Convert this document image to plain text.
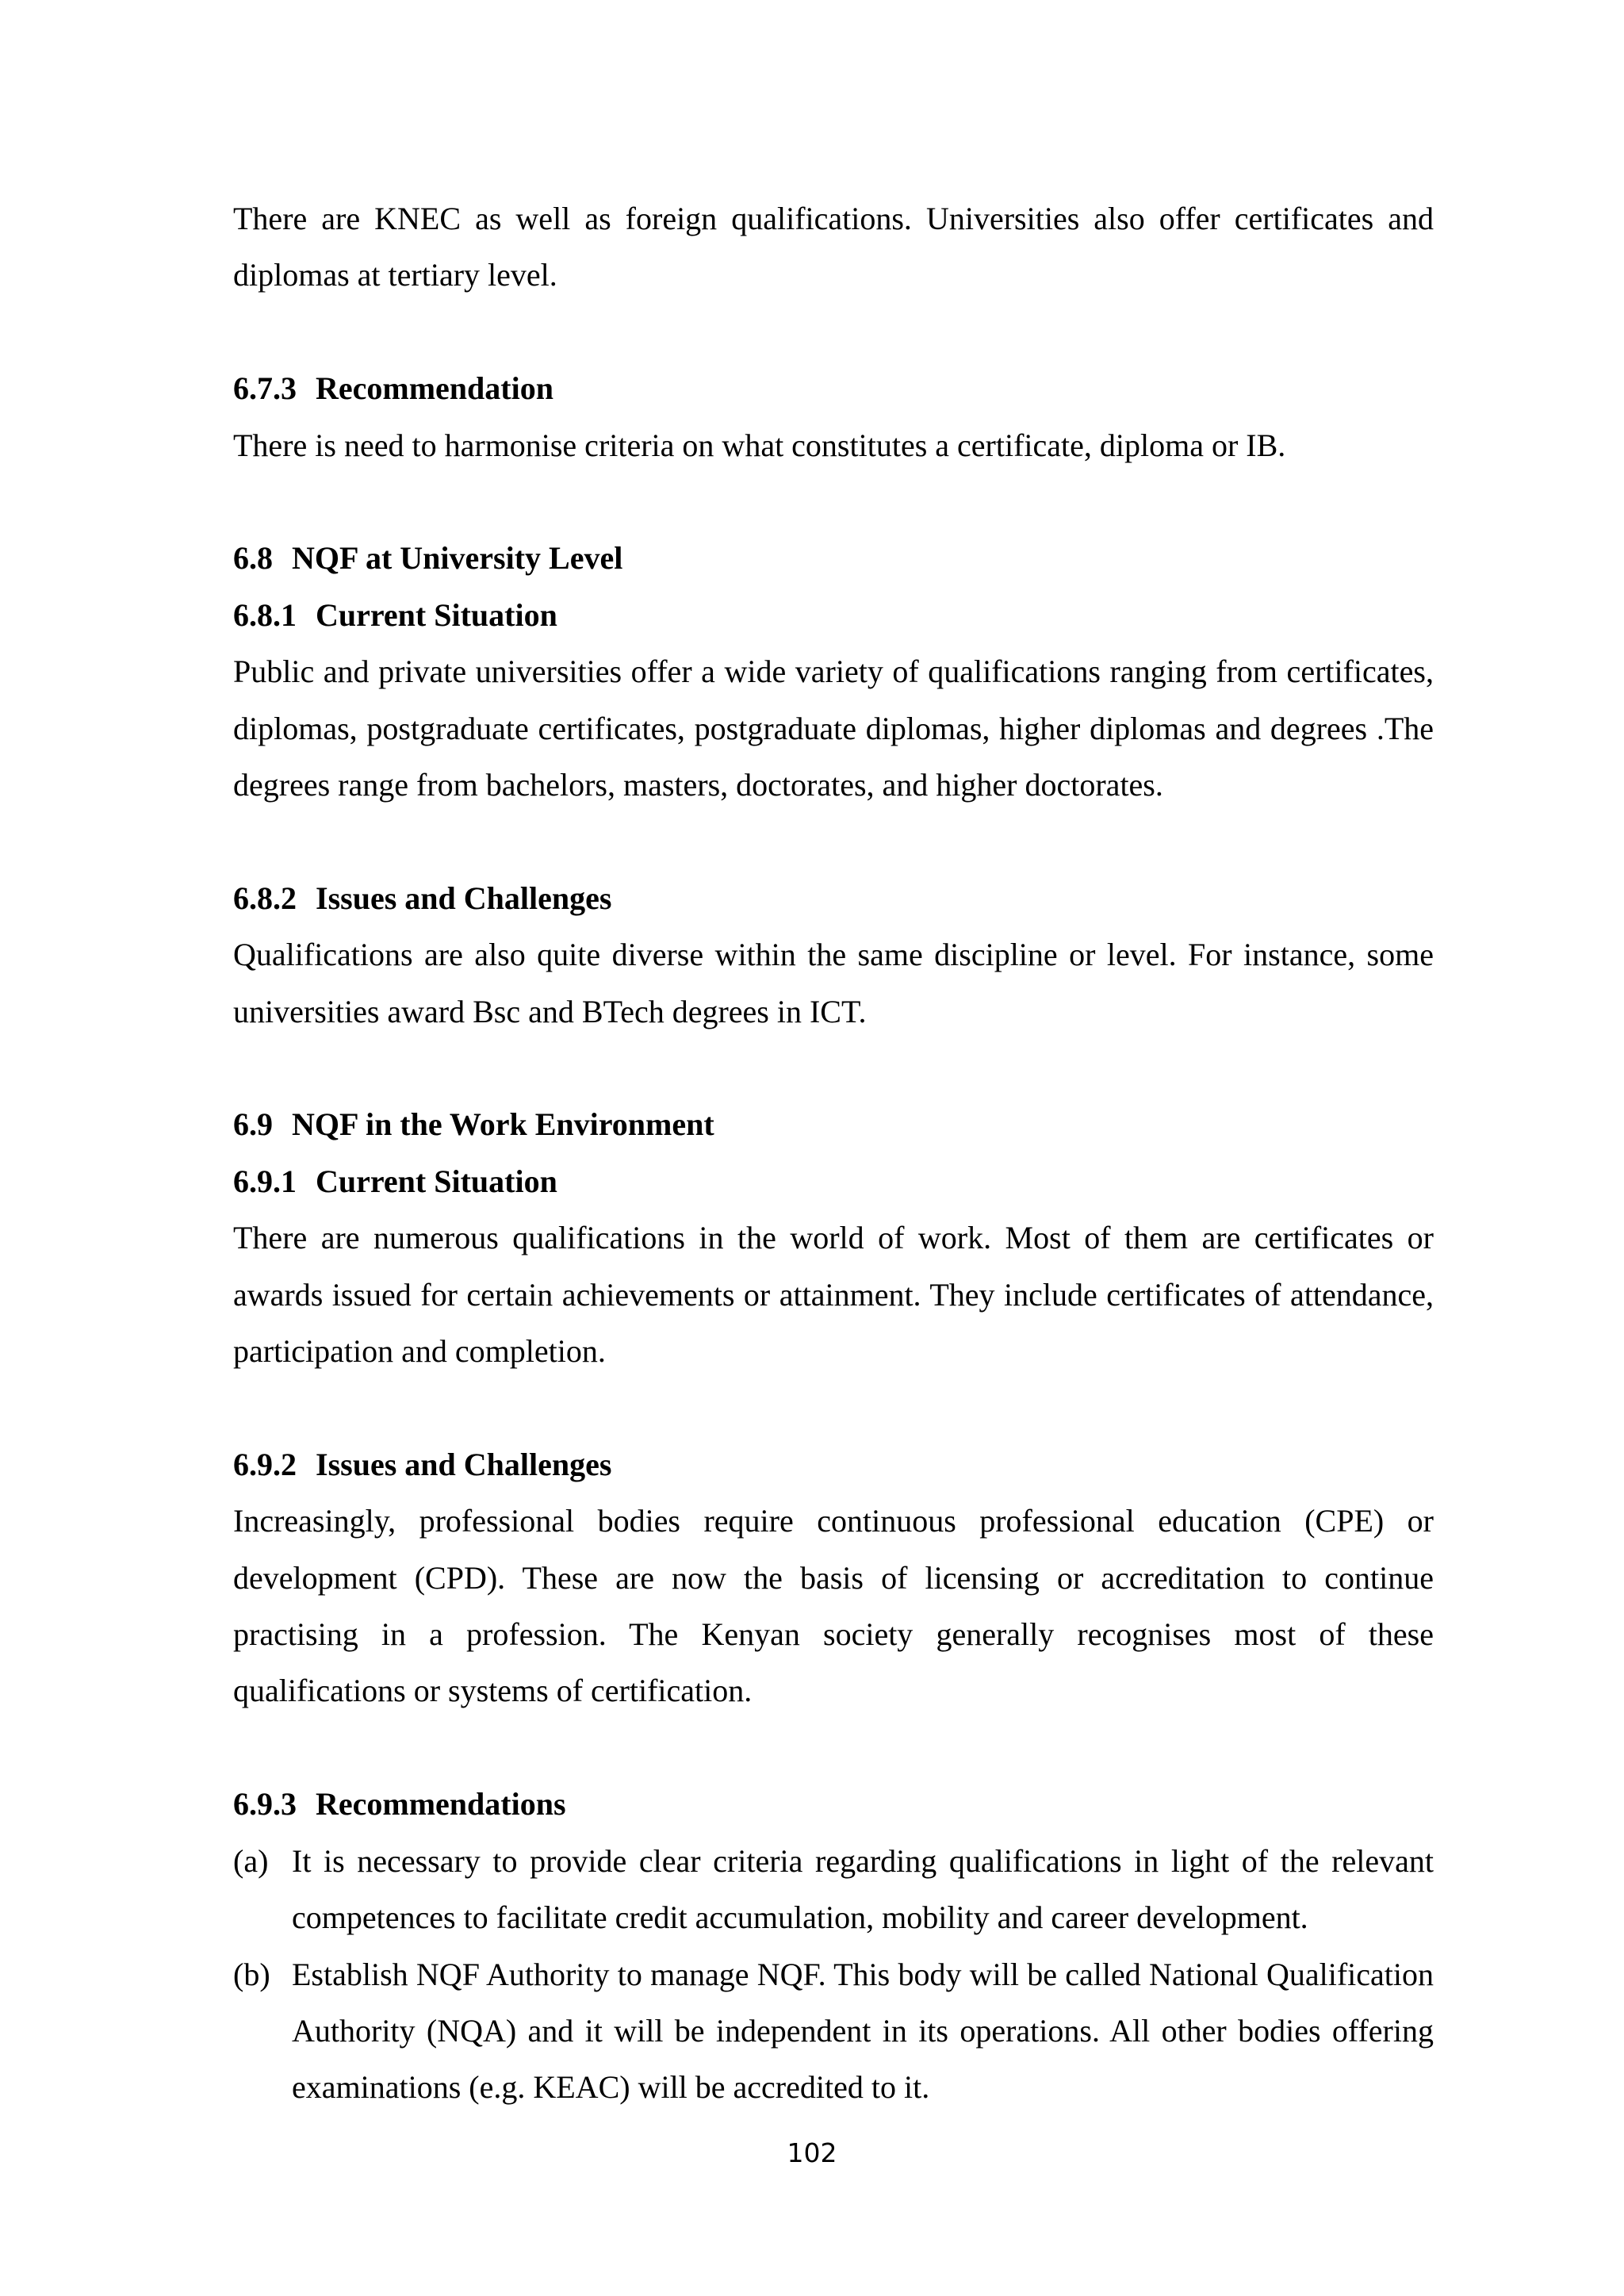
There are KNEC as well as foreign qualifications. Universities also offer certificates and diplomas at tertiary level.

6.7.3 Recommendation

There is need to harmonise criteria on what constitutes a certificate, diploma or IB.

6.8 NQF at University Level

6.8.1 Current Situation

Public and private universities offer a wide variety of qualifications ranging from certificates, diplomas, postgraduate certificates, postgraduate diplomas, higher diplomas and degrees .The degrees range from bachelors, masters, doctorates, and higher doctorates.

6.8.2 Issues and Challenges

Qualifications are also quite diverse within the same discipline or level. For instance, some universities award Bsc and BTech degrees in ICT.

6.9 NQF in the Work Environment

6.9.1 Current Situation

There are numerous qualifications in the world of work. Most of them are certificates or awards issued for certain achievements or attainment. They include certificates of attendance, participation and completion.

6.9.2 Issues and Challenges

Increasingly, professional bodies require continuous professional education (CPE) or development (CPD). These are now the basis of licensing or accreditation to continue practising in a profession. The Kenyan society generally recognises most of these qualifications or systems of certification.

6.9.3 Recommendations

(a) It is necessary to provide clear criteria regarding qualifications in light of the relevant competences to facilitate credit accumulation, mobility and career development.
(b) Establish NQF Authority to manage NQF. This body will be called National Qualification Authority (NQA) and it will be independent in its operations. All other bodies offering examinations (e.g. KEAC) will be accredited to it.
102
